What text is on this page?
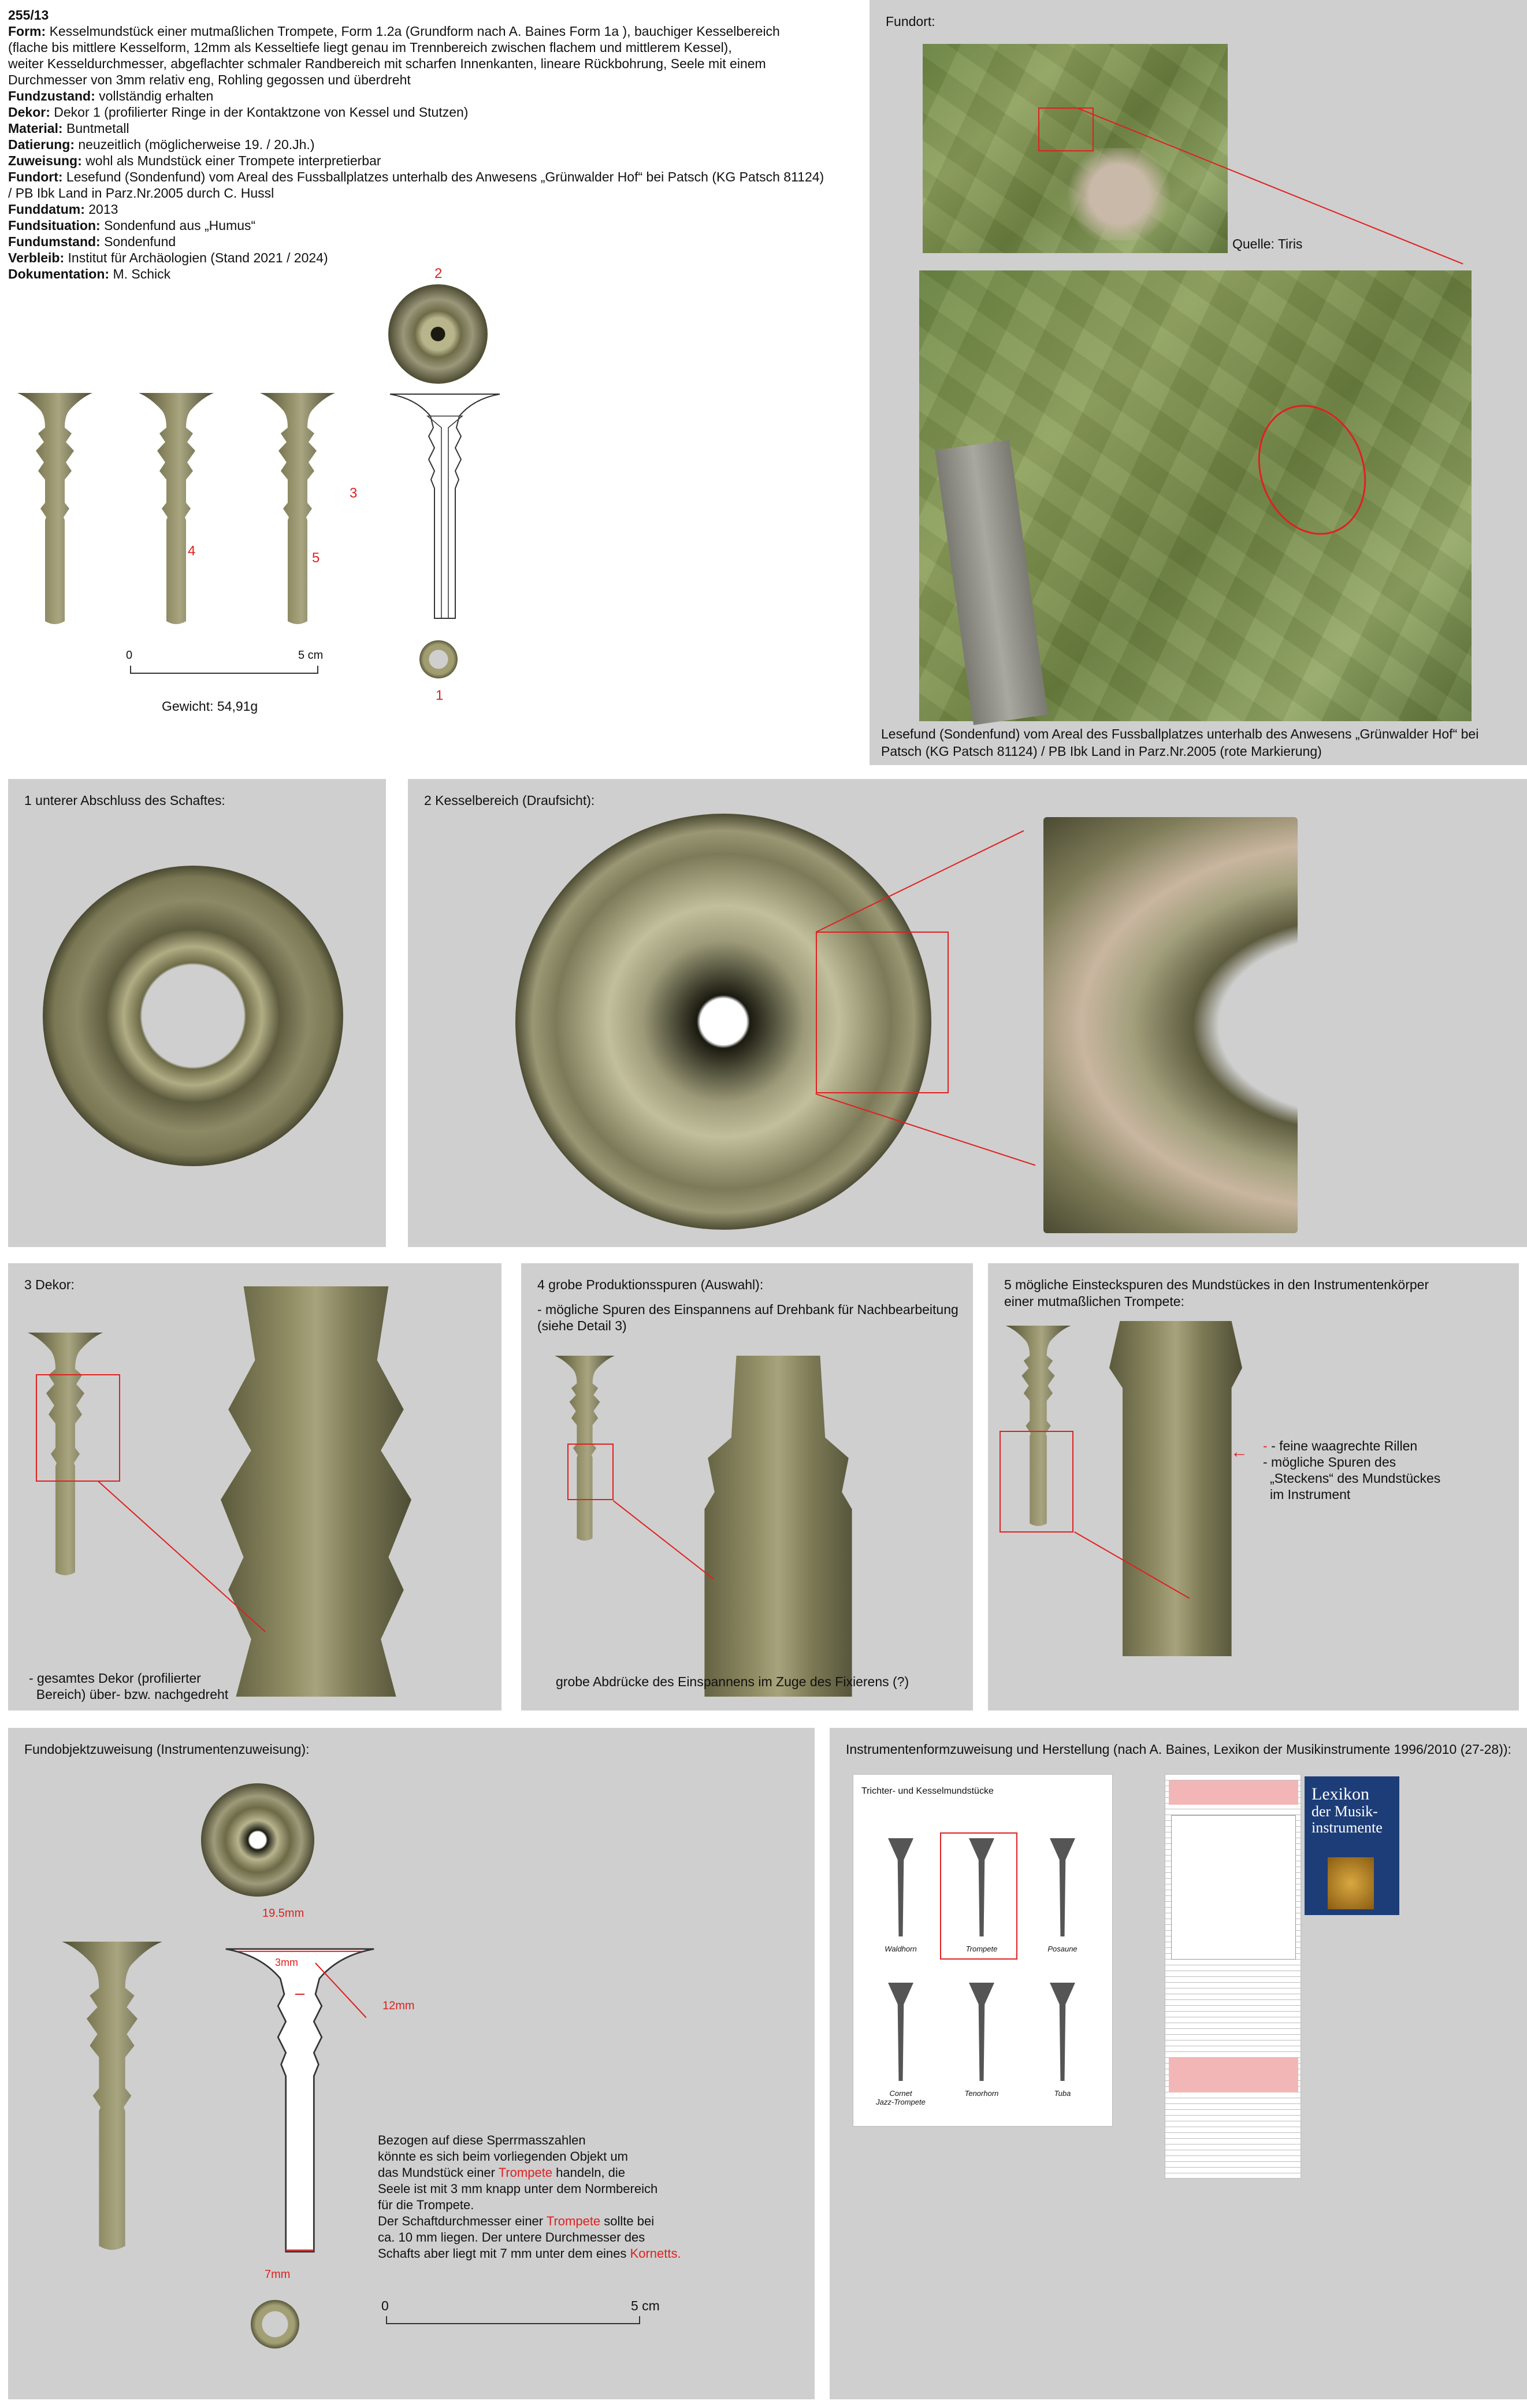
255/13
Form: Kesselmundstück einer mutmaßlichen Trompete, Form 1.2a (Grundform nach A. Baines Form 1a ), bauchiger Kesselbereich
(flache bis mittlere Kesselform, 12mm als Kesseltiefe liegt genau im Trennbereich zwischen flachem und mittlerem Kessel),
weiter Kesseldurchmesser, abgeflachter schmaler Randbereich mit scharfen Innenkanten, lineare Rückbohrung, Seele mit einem
Durchmesser von 3mm relativ eng, Rohling gegossen und überdreht
Fundzustand: vollständig erhalten
Dekor: Dekor 1 (profilierter Ringe in der Kontaktzone von Kessel und Stutzen)
Material: Buntmetall
Datierung: neuzeitlich (möglicherweise 19. / 20.Jh.)
Zuweisung: wohl als Mundstück einer Trompete interpretierbar
Fundort: Lesefund (Sondenfund) vom Areal des Fussballplatzes unterhalb des Anwesens „Grünwalder Hof“ bei Patsch (KG Patsch 81124)
/ PB Ibk Land in Parz.Nr.2005 durch C. Hussl
Funddatum: 2013
Fundsituation: Sondenfund aus „Humus“
Fundumstand: Sondenfund
Verbleib: Institut für Archäologien (Stand 2021 / 2024)
Dokumentation: M. Schick	2
3
4	5
1
0	5 cm
Gewicht: 54,91g
Fundort:
Quelle: Tiris
Lesefund (Sondenfund) vom Areal des Fussballplatzes unterhalb des Anwesens „Grünwalder Hof“ bei
Patsch (KG Patsch 81124) / PB Ibk Land in Parz.Nr.2005 (rote Markierung)
1 unterer Abschluss des Schaftes:	2 Kesselbereich (Draufsicht):
3 Dekor:
- gesamtes Dekor (profilierter
Bereich) über- bzw. nachgedreht
4 grobe Produktionsspuren (Auswahl):
- mögliche Spuren des Einspannens auf Drehbank für Nachbearbeitung
(siehe Detail 3)
grobe Abdrücke des Einspannens im Zuge des Fixierens (?)
5 mögliche Einsteckspuren des Mundstückes in den Instrumentenkörper
einer mutmaßlichen Trompete:
← - - feine waagrechte Rillen
- mögliche Spuren des
„Steckens“ des Mundstückes
im Instrument
Fundobjektzuweisung (Instrumentenzuweisung):
19.5mm
3mm
12mm
7mm
Bezogen auf diese Sperrmasszahlen
könnte es sich beim vorliegenden Objekt um
das Mundstück einer Trompete handeln, die
Seele ist mit 3 mm knapp unter dem Normbereich
für die Trompete.
Der Schaftdurchmesser einer Trompete sollte bei
ca. 10 mm liegen. Der untere Durchmesser des
Schafts aber liegt mit 7 mm unter dem eines Kornetts.
0	5 cm
Instrumentenformzuweisung und Herstellung (nach A. Baines, Lexikon der Musikinstrumente 1996/2010 (27-28)):
Trichter- und Kesselmundstücke
Waldhorn	Trompete	Posaune
Cornet
Jazz-Trompete
Tenorhorn	Tuba
Lexikon
der Musik-
instrumente
